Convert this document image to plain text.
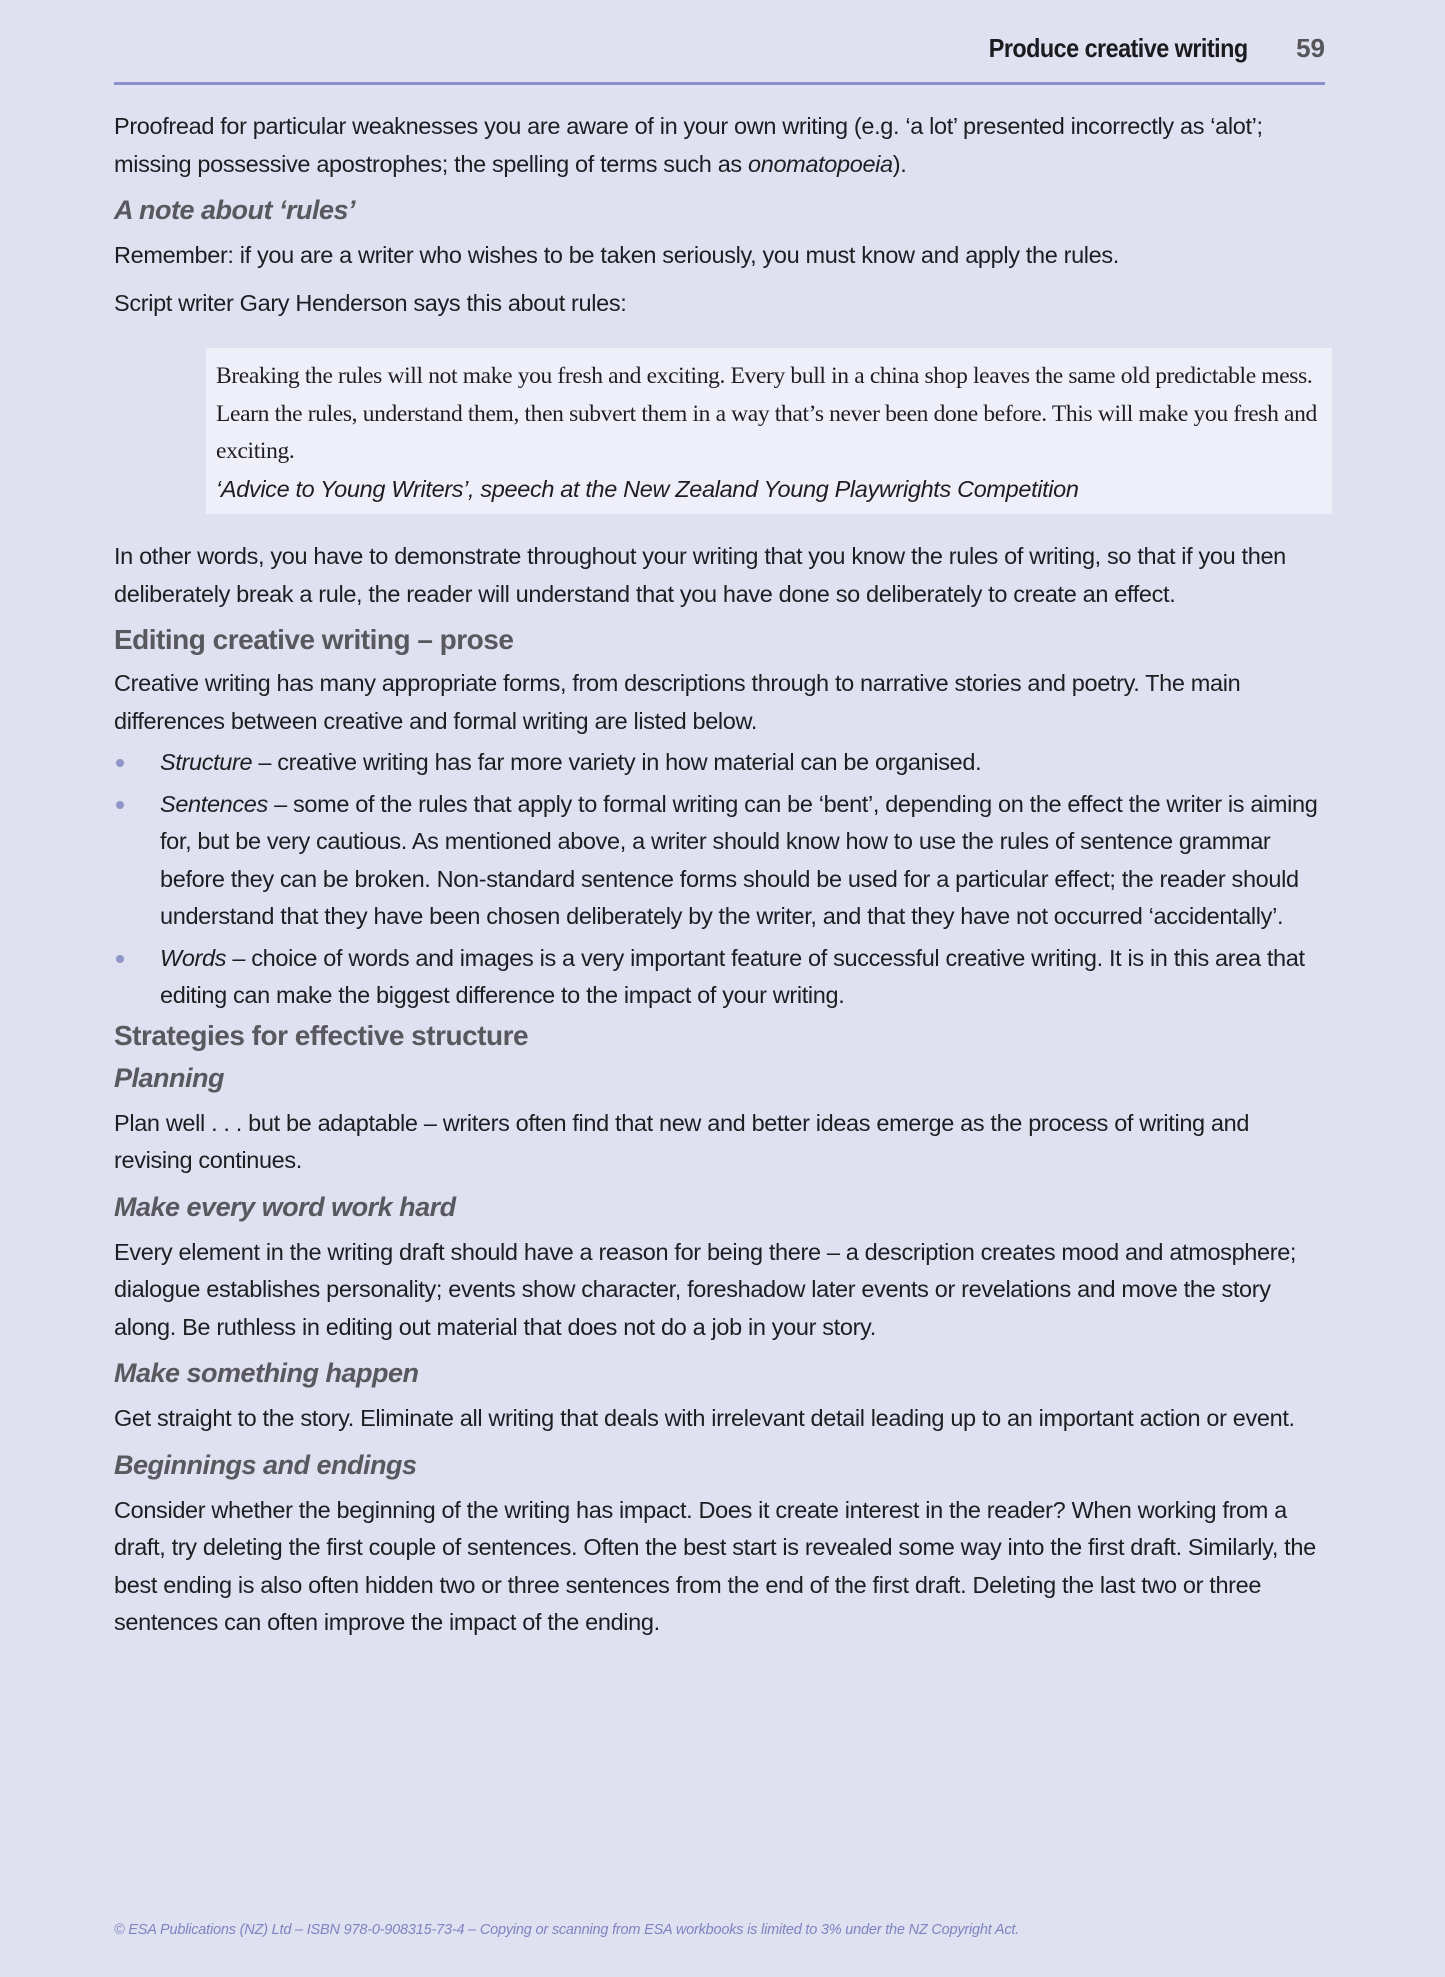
Produce creative writing 59

Proofread for particular weaknesses you are aware of in your own writing (e.g. ‘a lot’ presented incorrectly as ‘alot’; missing possessive apostrophes; the spelling of terms such as onomatopoeia).

A note about ‘rules’

Remember: if you are a writer who wishes to be taken seriously, you must know and apply the rules.

Script writer Gary Henderson says this about rules:

Breaking the rules will not make you fresh and exciting. Every bull in a china shop leaves the same old predictable mess. Learn the rules, understand them, then subvert them in a way that’s never been done before. This will make you fresh and exciting.

‘Advice to Young Writers’, speech at the New Zealand Young Playwrights Competition

In other words, you have to demonstrate throughout your writing that you know the rules of writing, so that if you then deliberately break a rule, the reader will understand that you have done so deliberately to create an effect.

Editing creative writing – prose

Creative writing has many appropriate forms, from descriptions through to narrative stories and poetry. The main differences between creative and formal writing are listed below.

Structure – creative writing has far more variety in how material can be organised.
Sentences – some of the rules that apply to formal writing can be ‘bent’, depending on the effect the writer is aiming for, but be very cautious. As mentioned above, a writer should know how to use the rules of sentence grammar before they can be broken. Non-standard sentence forms should be used for a particular effect; the reader should understand that they have been chosen deliberately by the writer, and that they have not occurred ‘accidentally’.
Words – choice of words and images is a very important feature of successful creative writing. It is in this area that editing can make the biggest difference to the impact of your writing.
Strategies for effective structure
Planning

Plan well . . . but be adaptable – writers often find that new and better ideas emerge as the process of writing and revising continues.

Make every word work hard

Every element in the writing draft should have a reason for being there – a description creates mood and atmosphere; dialogue establishes personality; events show character, foreshadow later events or revelations and move the story along. Be ruthless in editing out material that does not do a job in your story.

Make something happen

Get straight to the story. Eliminate all writing that deals with irrelevant detail leading up to an important action or event.

Beginnings and endings

Consider whether the beginning of the writing has impact. Does it create interest in the reader? When working from a draft, try deleting the first couple of sentences. Often the best start is revealed some way into the first draft. Similarly, the best ending is also often hidden two or three sentences from the end of the first draft. Deleting the last two or three sentences can often improve the impact of the ending.

© ESA Publications (NZ) Ltd – ISBN 978-0-908315-73-4 – Copying or scanning from ESA workbooks is limited to 3% under the NZ Copyright Act.
